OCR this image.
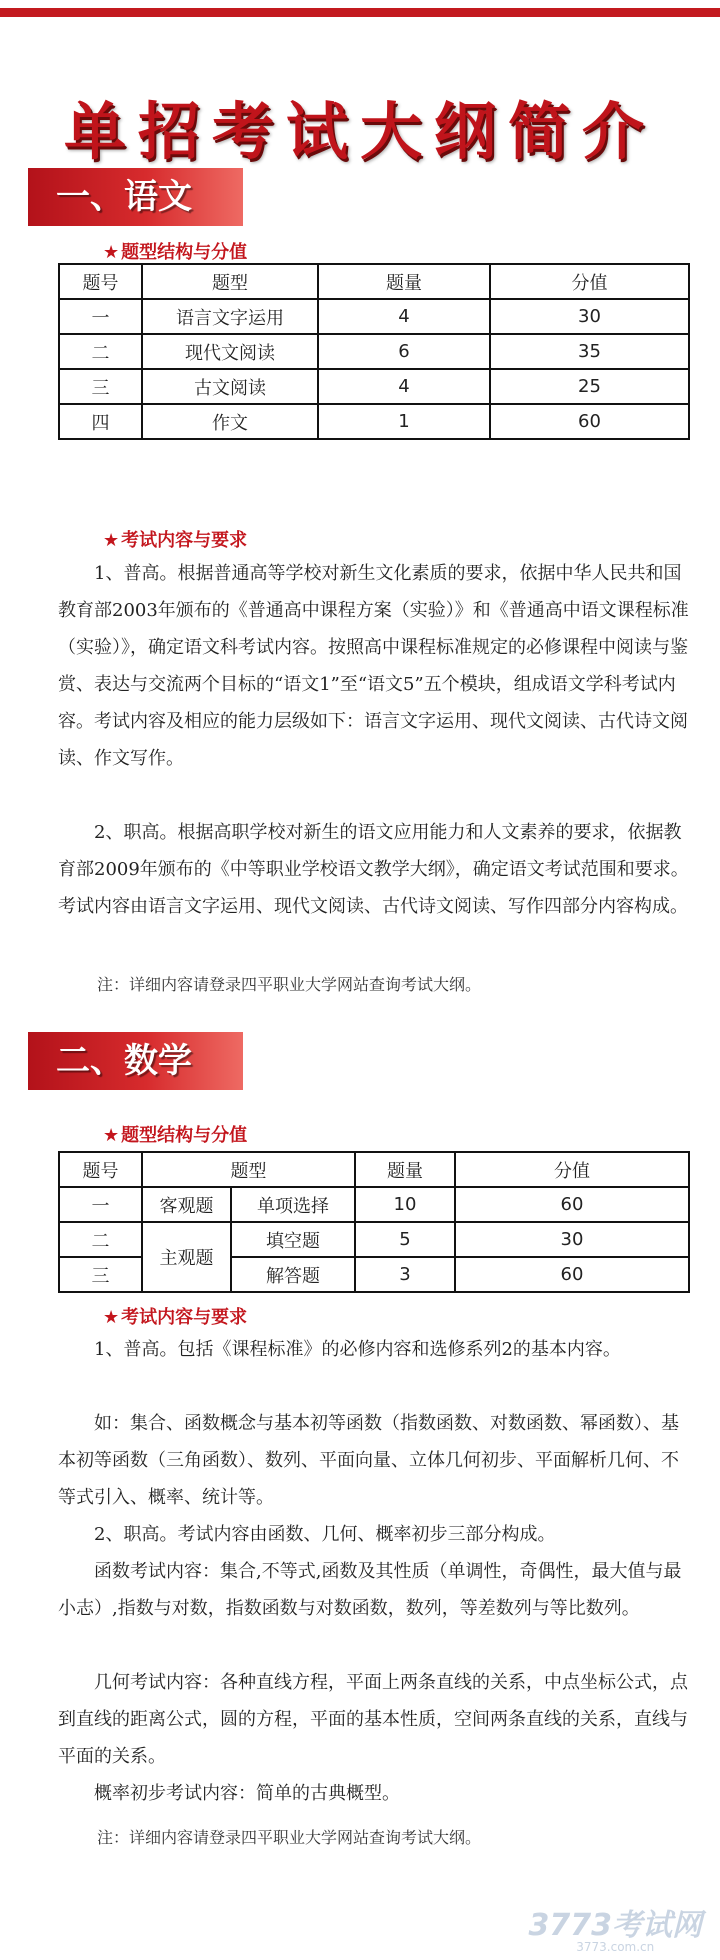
单招考试大纲简介
一、语文
★ 题型结构与分值
题号	题型	题量	分值
一	语言文字运用	4	30
二	现代文阅读	6	35
三	古文阅读	4	25
四	作文	1	60
★ 考试内容与要求

1、普高。根据普通高等学校对新生文化素质的要求，依据中华人民共和国教育部2003年颁布的《普通高中课程方案（实验）》和《普通高中语文课程标准（实验）》，确定语文科考试内容。按照高中课程标准规定的必修课程中阅读与鉴赏、表达与交流两个目标的“语文1”至“语文5”五个模块，组成语文学科考试内容。考试内容及相应的能力层级如下：语言文字运用、现代文阅读、古代诗文阅读、作文写作。

2、职高。根据高职学校对新生的语文应用能力和人文素养的要求，依据教育部2009年颁布的《中等职业学校语文教学大纲》，确定语文考试范围和要求。考试内容由语言文字运用、现代文阅读、古代诗文阅读、写作四部分内容构成。

注：详细内容请登录四平职业大学网站查询考试大纲。
二、数学
★ 题型结构与分值
题号	题型		题量	分值
一	客观题	单项选择	10	60
二	主观题	填空题	5	30
三		解答题	3	60
★ 考试内容与要求

1、普高。包括《课程标准》的必修内容和选修系列2的基本内容。

如：集合、函数概念与基本初等函数（指数函数、对数函数、幂函数）、基本初等函数（三角函数）、数列、平面向量、立体几何初步、平面解析几何、不等式引入、概率、统计等。

2、职高。考试内容由函数、几何、概率初步三部分构成。

函数考试内容：集合,不等式,函数及其性质（单调性，奇偶性，最大值与最小志）,指数与对数，指数函数与对数函数，数列，等差数列与等比数列。

几何考试内容：各种直线方程，平面上两条直线的关系，中点坐标公式，点到直线的距离公式，圆的方程，平面的基本性质，空间两条直线的关系，直线与平面的关系。

概率初步考试内容：简单的古典概型。

注：详细内容请登录四平职业大学网站查询考试大纲。
3773考试网
3773.com.cn
